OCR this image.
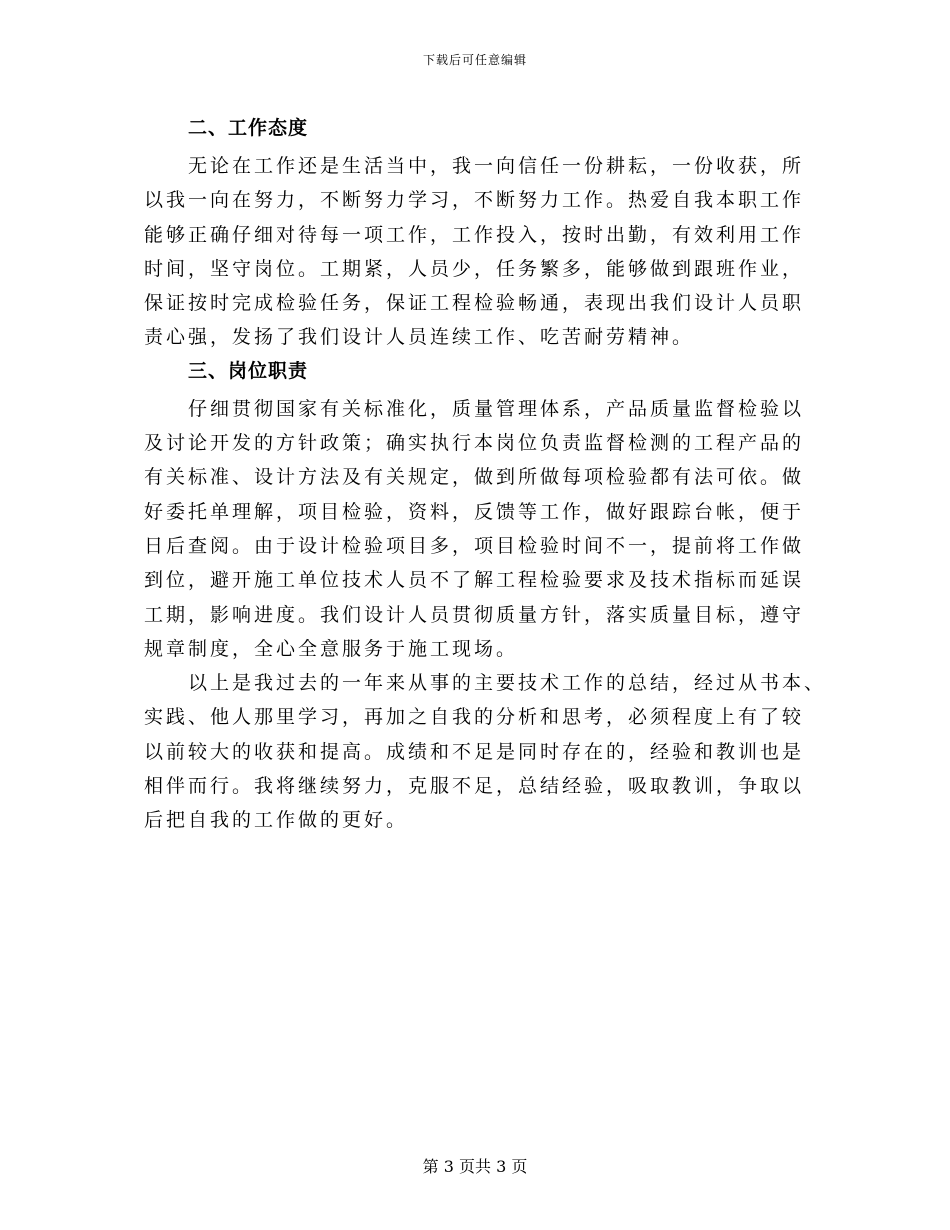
下载后可任意编辑
二、工作态度

无论在工作还是生活当中，我一向信任一份耕耘，一份收获，所
以我一向在努力，不断努力学习，不断努力工作。热爱自我本职工作
能够正确仔细对待每一项工作，工作投入，按时出勤，有效利用工作
时间，坚守岗位。工期紧，人员少，任务繁多，能够做到跟班作业，
保证按时完成检验任务，保证工程检验畅通，表现出我们设计人员职
责心强，发扬了我们设计人员连续工作、吃苦耐劳精神。

三、岗位职责

仔细贯彻国家有关标准化，质量管理体系，产品质量监督检验以
及讨论开发的方针政策；确实执行本岗位负责监督检测的工程产品的
有关标准、设计方法及有关规定，做到所做每项检验都有法可依。做
好委托单理解，项目检验，资料，反馈等工作，做好跟踪台帐，便于
日后查阅。由于设计检验项目多，项目检验时间不一，提前将工作做
到位，避开施工单位技术人员不了解工程检验要求及技术指标而延误
工期，影响进度。我们设计人员贯彻质量方针，落实质量目标，遵守
规章制度，全心全意服务于施工现场。

以上是我过去的一年来从事的主要技术工作的总结，经过从书本、
实践、他人那里学习，再加之自我的分析和思考，必须程度上有了较
以前较大的收获和提高。成绩和不足是同时存在的，经验和教训也是
相伴而行。我将继续努力，克服不足，总结经验，吸取教训，争取以
后把自我的工作做的更好。

第 3 页共 3 页
